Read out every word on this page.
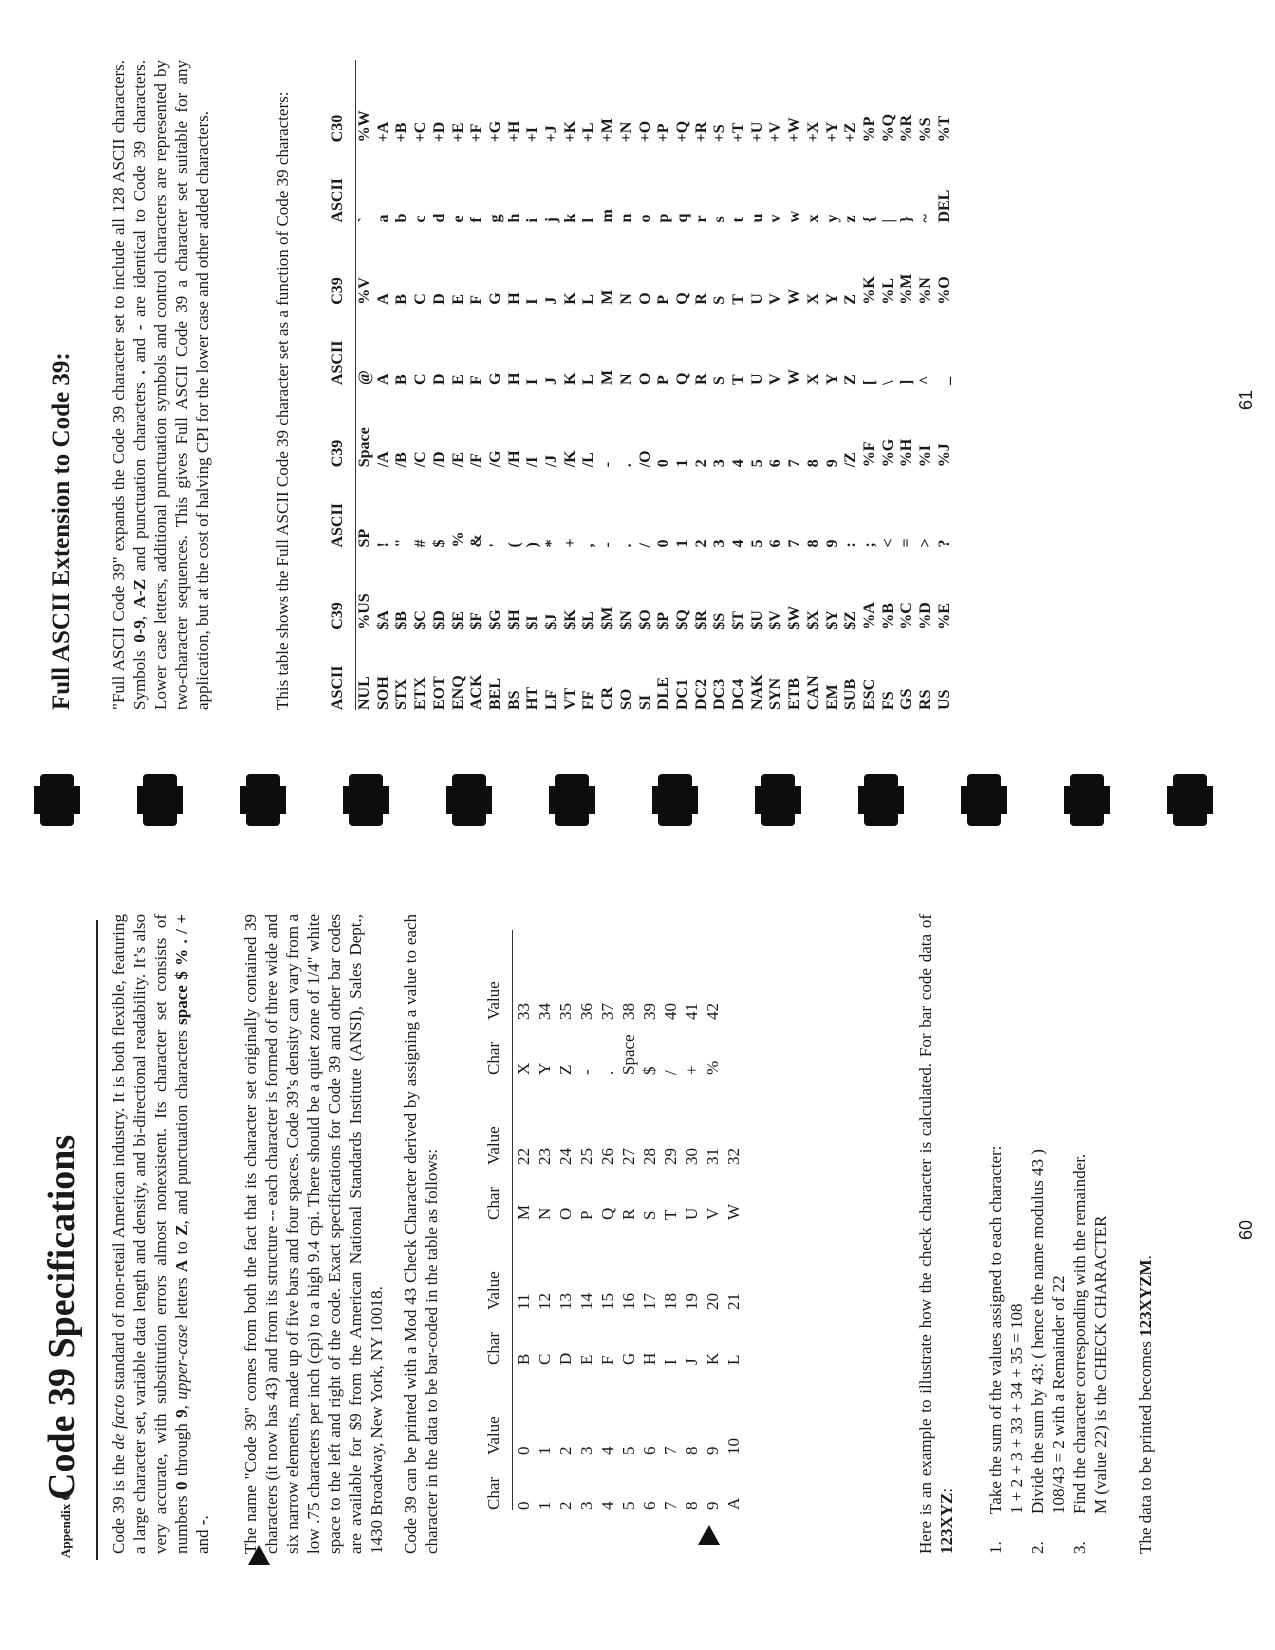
Appendix C
Code 39 Specifications

Code 39 is the de facto standard of non-retail American industry. It is both flexible, featuring a large character set, variable data length and density, and bi-directional readability. It’s also very accurate, with substitution errors almost nonexistent. Its character set consists of numbers 0 through 9, upper-case letters A to Z, and punctuation characters space $ % . / + and -. The name "Code 39" comes from both the fact that its character set originally contained 39 characters (it now has 43) and from its structure -- each character is formed of three wide and six narrow elements, made up of five bars and four spaces. Code 39’s density can vary from a low .75 characters per inch (cpi) to a high 9.4 cpi. There should be a quiet zone of 1/4" white space to the left and right of the code. Exact specifications for Code 39 and other bar codes are available for $9 from the American National Standards Institute (ANSI), Sales Dept., 1430 Broadway, New York, NY 10018. Code 39 can be printed with a Mod 43 Check Character derived by assigning a value to each character in the data to be bar-coded in the table as follows:	Char	Value	Char	Value	Char	Value	Char	Value
0	0	B	11	M	22	X	33
1	1	C	12	N	23	Y	34
2	2	D	13	O	24	Z	35
3	3	E	14	P	25	-	36
4	4	F	15	Q	26	.	37
5	5	G	16	R	27	Space	38
6	6	H	17	S	28	$	39
7	7	I	18	T	29	/	40
8	8	J	19	U	30	+	41
9	9	K	20	V	31	%	42
A	10	L	21	W	32			Here is an example to illustrate how the check character is calculated. For bar code data of 123XYZ:

1.
Take the sum of the values assigned to each character: 1 + 2 + 3 + 33 + 34 + 35 = 108
2.
Divide the sum by 43: ( hence the name modulus 43 ) 108/43 = 2 with a Remainder of 22
3.
Find the character corresponding with the remainder. M (value 22) is the CHECK CHARACTER The data to be printed becomes 123XYZM.

60
Full ASCII Extension to Code 39: "Full ASCII Code 39" expands the Code 39 character set to include all 128 ASCII characters. Symbols 0-9, A-Z and punctuation characters . and - are identical to Code 39 characters. Lower case letters, additional punctuation symbols and control characters are represented by two-character sequences. This gives Full ASCII Code 39 a character set suitable for any application, but at the cost of halving CPI for the lower case and other added characters.	This table shows the Full ASCII Code 39 character set as a function of Code 39 characters: ASCII	C39	ASCII	C39	ASCII	C39	ASCII	C30
NUL	%US	SP	Space	@	%V	`	%W
SOH	$A	!	/A	A	A	a	+A
STX	$B	"	/B	B	B	b	+B
ETX	$C	#	/C	C	C	c	+C
EOT	$D	$	/D	D	D	d	+D
ENQ	$E	%	/E	E	E	e	+E
ACK	$F	&	/F	F	F	f	+F
BEL	$G	'	/G	G	G	g	+G
BS	$H	(	/H	H	H	h	+H
HT	$I	)	/I	I	I	i	+I
LF	$J	*	/J	J	J	j	+J
VT	$K	+	/K	K	K	k	+K
FF	$L	,	/L	L	L	l	+L
CR	$M	-	-	M	M	m	+M
SO	$N	.	.	N	N	n	+N
SI	$O	/	/O	O	O	o	+O
DLE	$P	0	0	P	P	p	+P
DC1	$Q	1	1	Q	Q	q	+Q
DC2	$R	2	2	R	R	r	+R
DC3	$S	3	3	S	S	s	+S
DC4	$T	4	4	T	T	t	+T
NAK	$U	5	5	U	U	u	+U
SYN	$V	6	6	V	V	v	+V
ETB	$W	7	7	W	W	w	+W
CAN	$X	8	8	X	X	x	+X
EM	$Y	9	9	Y	Y	y	+Y
SUB	$Z	:	/Z	Z	Z	z	+Z
ESC	%A	;	%F	[	%K	{	%P
FS	%B	<	%G	\	%L	|	%Q
GS	%C	=	%H	]	%M	}	%R
RS	%D	>	%I	^	%N	~	%S
US	%E	?	%J	_	%O	DEL	%T
61
